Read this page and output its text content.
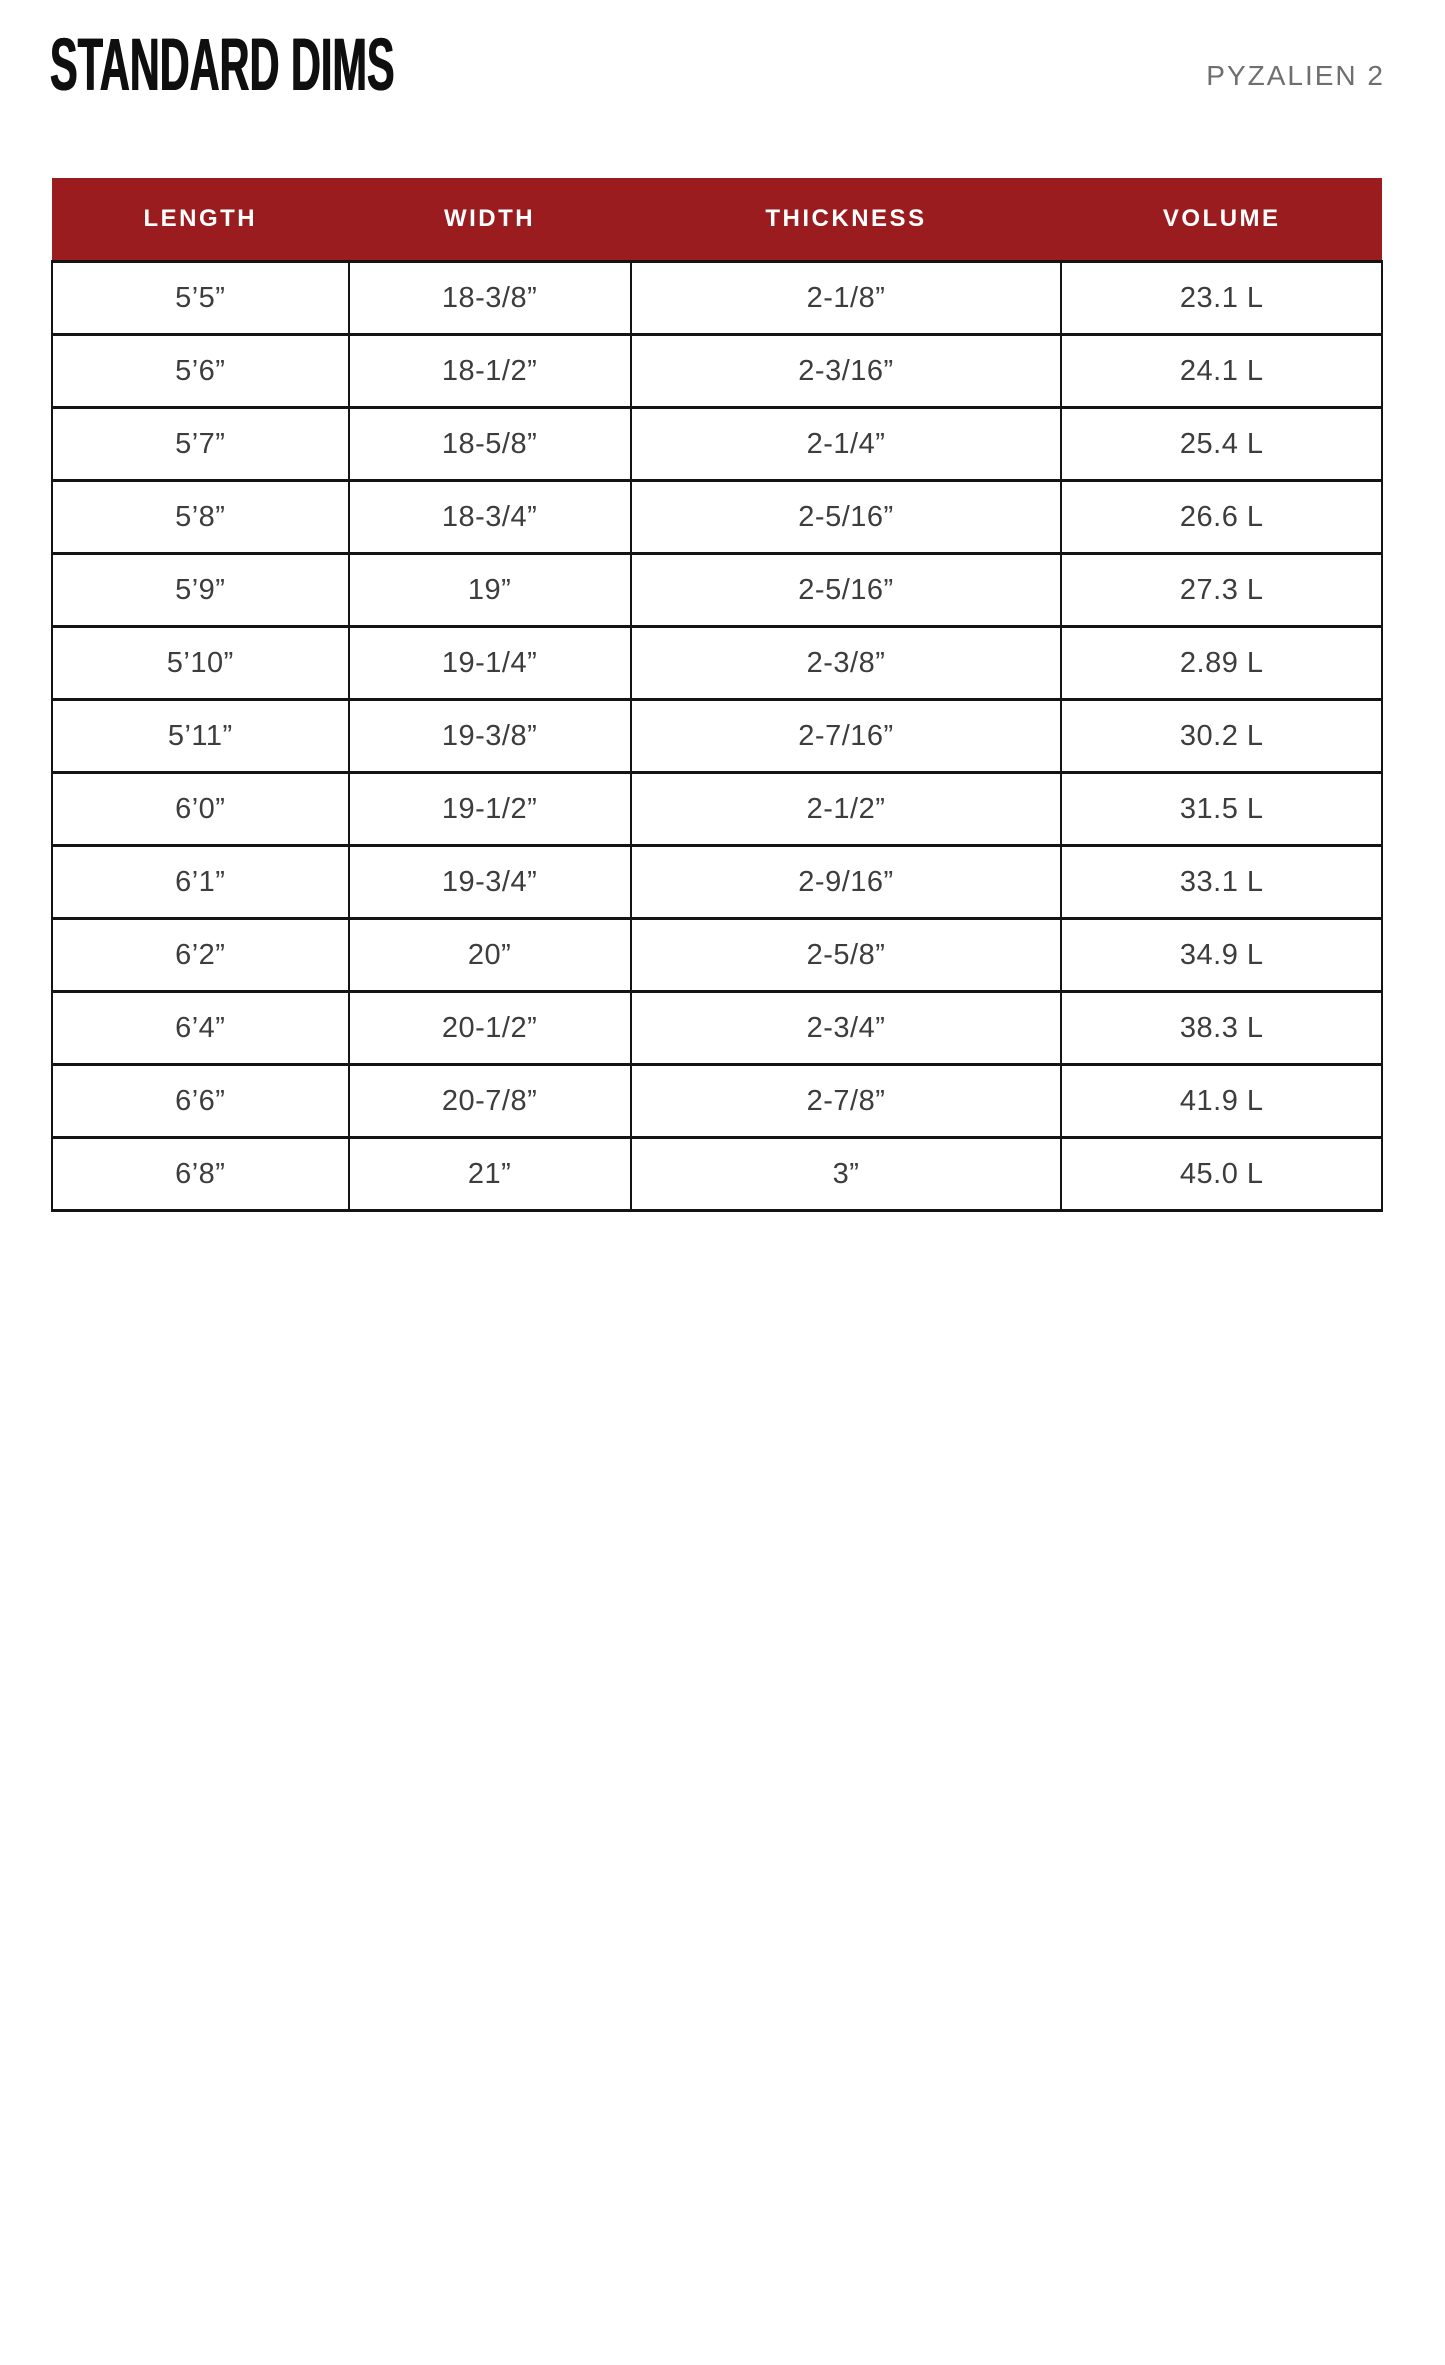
STANDARD DIMS	PYZALIEN 2
LENGTH	WIDTH	THICKNESS	VOLUME
5’5”	18-3/8”	2-1/8”	23.1 L
5’6”	18-1/2”	2-3/16”	24.1 L
5’7”	18-5/8”	2-1/4”	25.4 L
5’8”	18-3/4”	2-5/16”	26.6 L
5’9”	19”	2-5/16”	27.3 L
5’10”	19-1/4”	2-3/8”	2.89 L
5’11”	19-3/8”	2-7/16”	30.2 L
6’0”	19-1/2”	2-1/2”	31.5 L
6’1”	19-3/4”	2-9/16”	33.1 L
6’2”	20”	2-5/8”	34.9 L
6’4”	20-1/2”	2-3/4”	38.3 L
6’6”	20-7/8”	2-7/8”	41.9 L
6’8”	21”	3”	45.0 L
